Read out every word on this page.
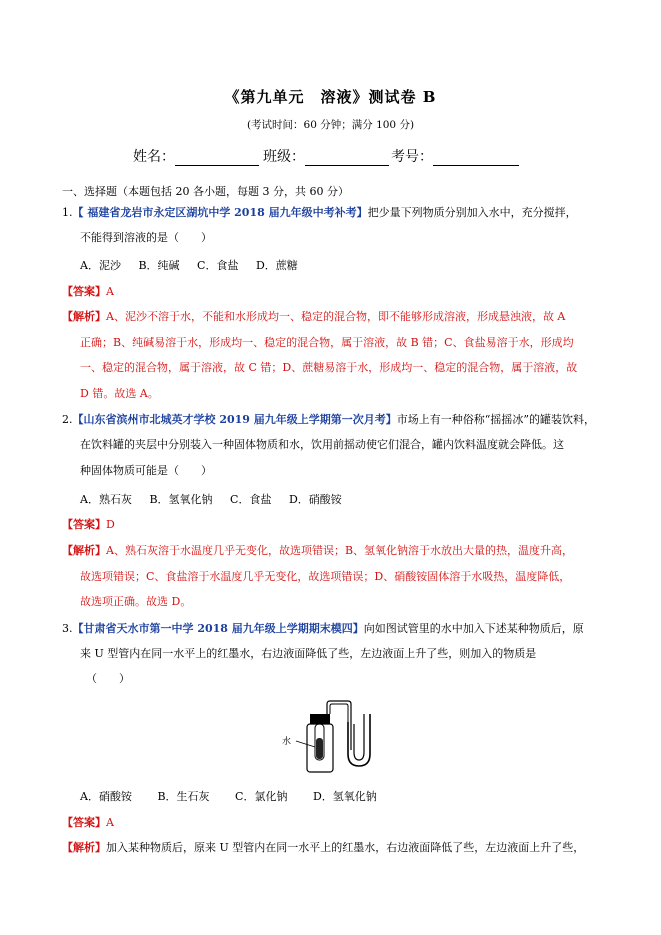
《第九单元　溶液》测试卷 B
(考试时间：60 分钟；满分 100 分)
姓名：	班级：	考号：
一、选择题（本题包括 20 各小题，每题 3 分，共 60 分）
1.【 福建省龙岩市永定区湖坑中学 2018 届九年级中考补考】把少量下列物质分别加入水中，充分搅拌，
不能得到溶液的是（　　）
A．泥沙 B．纯碱 C．食盐 D．蔗糖
【答案】A
【解析】A、泥沙不溶于水，不能和水形成均一、稳定的混合物，即不能够形成溶液，形成悬浊液，故 A
正确；B、纯碱易溶于水，形成均一、稳定的混合物，属于溶液，故 B 错；C、食盐易溶于水，形成均
一、稳定的混合物，属于溶液，故 C 错；D、蔗糖易溶于水，形成均一、稳定的混合物，属于溶液，故
D 错。故选 A。
2.【山东省滨州市北城英才学校 2019 届九年级上学期第一次月考】市场上有一种俗称“摇摇冰”的罐装饮料，
在饮料罐的夹层中分别装入一种固体物质和水，饮用前摇动使它们混合，罐内饮料温度就会降低。这
种固体物质可能是（　　）
A．熟石灰 B．氢氧化钠 C．食盐 D．硝酸铵
【答案】D
【解析】A、熟石灰溶于水温度几乎无变化，故选项错误；B、氢氧化钠溶于水放出大量的热，温度升高，
故选项错误；C、食盐溶于水温度几乎无变化，故选项错误；D、硝酸铵固体溶于水吸热，温度降低，
故选项正确。故选 D。
3.【甘肃省天水市第一中学 2018 届九年级上学期期末模四】向如图试管里的水中加入下述某种物质后，原
来 U 型管内在同一水平上的红墨水，右边液面降低了些，左边液面上升了些，则加入的物质是
（　　）
水
A．硝酸铵 B．生石灰 C．氯化钠 D．氢氧化钠
【答案】A
【解析】加入某种物质后，原来 U 型管内在同一水平上的红墨水，右边液面降低了些，左边液面上升了些，
